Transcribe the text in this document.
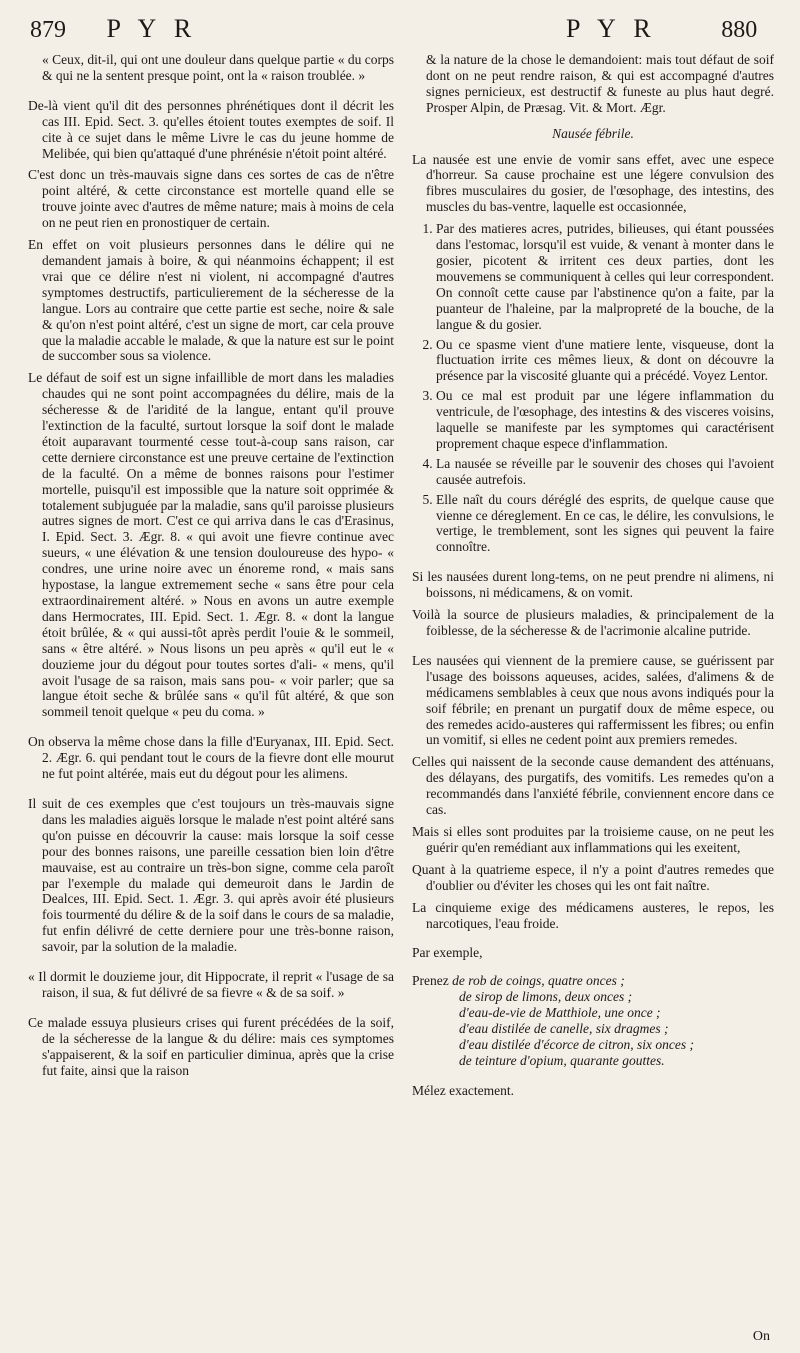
879 P Y R	P Y R	880

« Ceux, dit-il, qui ont une douleur dans quelque partie « du corps & qui ne la sentent presque point, ont la « raison troublée. »

De-là vient qu'il dit des personnes phrénétiques dont il décrit les cas III. Epid. Sect. 3. qu'elles étoient toutes exemptes de soif. Il cite à ce sujet dans le même Livre le cas du jeune homme de Melibée, qui bien qu'attaqué d'une phrénésie n'étoit point altéré.

C'est donc un très-mauvais signe dans ces sortes de cas de n'être point altéré, & cette circonstance est mortelle quand elle se trouve jointe avec d'autres de même nature; mais à moins de cela on ne peut rien en pronostiquer de certain.

En effet on voit plusieurs personnes dans le délire qui ne demandent jamais à boire, & qui néanmoins échappent; il est vrai que ce délire n'est ni violent, ni accompagné d'autres symptomes destructifs, particulierement de la sécheresse de la langue. Lors au contraire que cette partie est seche, noire & sale & qu'on n'est point altéré, c'est un signe de mort, car cela prouve que la maladie accable le malade, & que la nature est sur le point de succomber sous sa violence.

Le défaut de soif est un signe infaillible de mort dans les maladies chaudes qui ne sont point accompagnées du délire, mais de la sécheresse & de l'aridité de la langue, entant qu'il prouve l'extinction de la faculté, surtout lorsque la soif dont le malade étoit auparavant tourmenté cesse tout-à-coup sans raison, car cette derniere circonstance est une preuve certaine de l'extinction de la faculté. On a même de bonnes raisons pour l'estimer mortelle, puisqu'il est impossible que la nature soit opprimée & totalement subjuguée par la maladie, sans qu'il paroisse plusieurs autres signes de mort. C'est ce qui arriva dans le cas d'Erasinus, I. Epid. Sect. 3. Ægr. 8. « qui avoit une fievre continue avec sueurs, « une élévation & une tension douloureuse des hypo- « condres, une urine noire avec un énoreme rond, « mais sans hypostase, la langue extremement seche « sans être pour cela extraordinairement altéré. » Nous en avons un autre exemple dans Hermocrates, III. Epid. Sect. 1. Ægr. 8. « dont la langue étoit brûlée, & « qui aussi-tôt après perdit l'ouie & le sommeil, sans « être altéré. » Nous lisons un peu après « qu'il eut le « douzieme jour du dégout pour toutes sortes d'ali- « mens, qu'il avoit l'usage de sa raison, mais sans pou- « voir parler; que sa langue étoit seche & brûlée sans « qu'il fût altéré, & que son sommeil tenoit quelque « peu du coma. »

On observa la même chose dans la fille d'Euryanax, III. Epid. Sect. 2. Ægr. 6. qui pendant tout le cours de la fievre dont elle mourut ne fut point altérée, mais eut du dégout pour les alimens.

Il suit de ces exemples que c'est toujours un très-mauvais signe dans les maladies aiguës lorsque le malade n'est point altéré sans qu'on puisse en découvrir la cause: mais lorsque la soif cesse pour des bonnes raisons, une pareille cessation bien loin d'être mauvaise, est au contraire un très-bon signe, comme cela paroît par l'exemple du malade qui demeuroit dans le Jardin de Dealces, III. Epid. Sect. 1. Ægr. 3. qui après avoir été plusieurs fois tourmenté du délire & de la soif dans le cours de sa maladie, fut enfin délivré de cette derniere pour une très-bonne raison, savoir, par la solution de la maladie.

« Il dormit le douzieme jour, dit Hippocrate, il reprit « l'usage de sa raison, il sua, & fut délivré de sa fievre « & de sa soif. »

Ce malade essuya plusieurs crises qui furent précédées de la soif, de la sécheresse de la langue & du délire: mais ces symptomes s'appaiserent, & la soif en particulier diminua, après que la crise fut faite, ainsi que la raison

& la nature de la chose le demandoient: mais tout défaut de soif dont on ne peut rendre raison, & qui est accompagné d'autres signes pernicieux, est destructif & funeste au plus haut degré. Prosper Alpin, de Præsag. Vit. & Mort. Ægr.

Nausée fébrile.

La nausée est une envie de vomir sans effet, avec une espece d'horreur. Sa cause prochaine est une légere convulsion des fibres musculaires du gosier, de l'œsophage, des intestins, des muscles du bas-ventre, laquelle est occasionnée,

1. Par des matieres acres, putrides, bilieuses, qui étant poussées dans l'estomac, lorsqu'il est vuide, & venant à monter dans le gosier, picotent & irritent ces deux parties, dont les mouvemens se communiquent à celles qui leur correspondent. On connoît cette cause par l'abstinence qu'on a faite, par la puanteur de l'haleine, par la malpropreté de la bouche, de la langue & du gosier.
2. Ou ce spasme vient d'une matiere lente, visqueuse, dont la fluctuation irrite ces mêmes lieux, & dont on découvre la présence par la viscosité gluante qui a précédé. Voyez Lentor.
3. Ou ce mal est produit par une légere inflammation du ventricule, de l'œsophage, des intestins & des visceres voisins, laquelle se manifeste par les symptomes qui caractérisent proprement chaque espece d'inflammation.
4. La nausée se réveille par le souvenir des choses qui l'avoient causée autrefois.
5. Elle naît du cours déréglé des esprits, de quelque cause que vienne ce déreglement. En ce cas, le délire, les convulsions, le vertige, le tremblement, sont les signes qui peuvent la faire connoître.

Si les nausées durent long-tems, on ne peut prendre ni alimens, ni boissons, ni médicamens, & on vomit.

Voilà la source de plusieurs maladies, & principalement de la foiblesse, de la sécheresse & de l'acrimonie alcaline putride.

Les nausées qui viennent de la premiere cause, se guérissent par l'usage des boissons aqueuses, acides, salées, d'alimens & de médicamens semblables à ceux que nous avons indiqués pour la soif fébrile; en prenant un purgatif doux de même espece, ou des remedes acido-austeres qui raffermissent les fibres; ou enfin un vomitif, si elles ne cedent point aux premiers remedes.

Celles qui naissent de la seconde cause demandent des atténuans, des délayans, des purgatifs, des vomitifs. Les remedes qu'on a recommandés dans l'anxiété fébrile, conviennent encore dans ce cas.

Mais si elles sont produites par la troisieme cause, on ne peut les guérir qu'en remédiant aux inflammations qui les exeitent,

Quant à la quatrieme espece, il n'y a point d'autres remedes que d'oublier ou d'éviter les choses qui les ont fait naître.

La cinquieme exige des médicamens austeres, le repos, les narcotiques, l'eau froide.

Par exemple,

Prenez de rob de coings, quatre onces ;
de sirop de limons, deux onces ;
d'eau-de-vie de Matthiole, une once ;
d'eau distilée de canelle, six dragmes ;
d'eau distilée d'écorce de citron, six onces ;
de teinture d'opium, quarante gouttes.

Mélez exactement.

On
